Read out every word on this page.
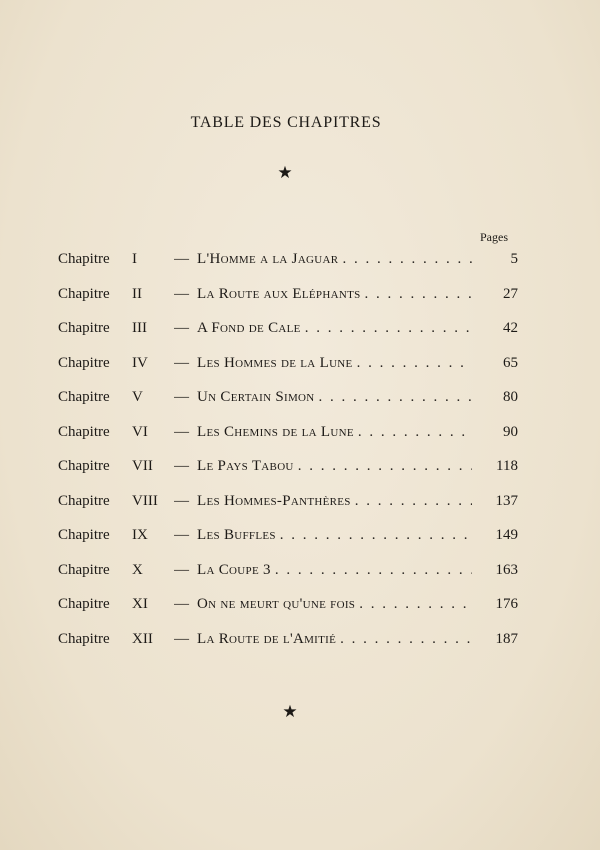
TABLE DES CHAPITRES
★
Pages
Chapitre I — L'Homme a la Jaguar . . .	5
Chapitre II — La Route aux Eléphants . . .	27
Chapitre III — A Fond de Cale . . .	42
Chapitre IV — Les Hommes de la Lune . . .	65
Chapitre V — Un Certain Simon . . .	80
Chapitre VI — Les Chemins de la Lune . . .	90
Chapitre VII — Le Pays Tabou . . .	118
Chapitre VIII — Les Hommes-Panthères . . .	137
Chapitre IX — Les Buffles . . .	149
Chapitre X — La Coupe 3 . . .	163
Chapitre XI — On ne meurt qu'une fois . . .	176
Chapitre XII — La Route de l'Amitié . . .	187
★
